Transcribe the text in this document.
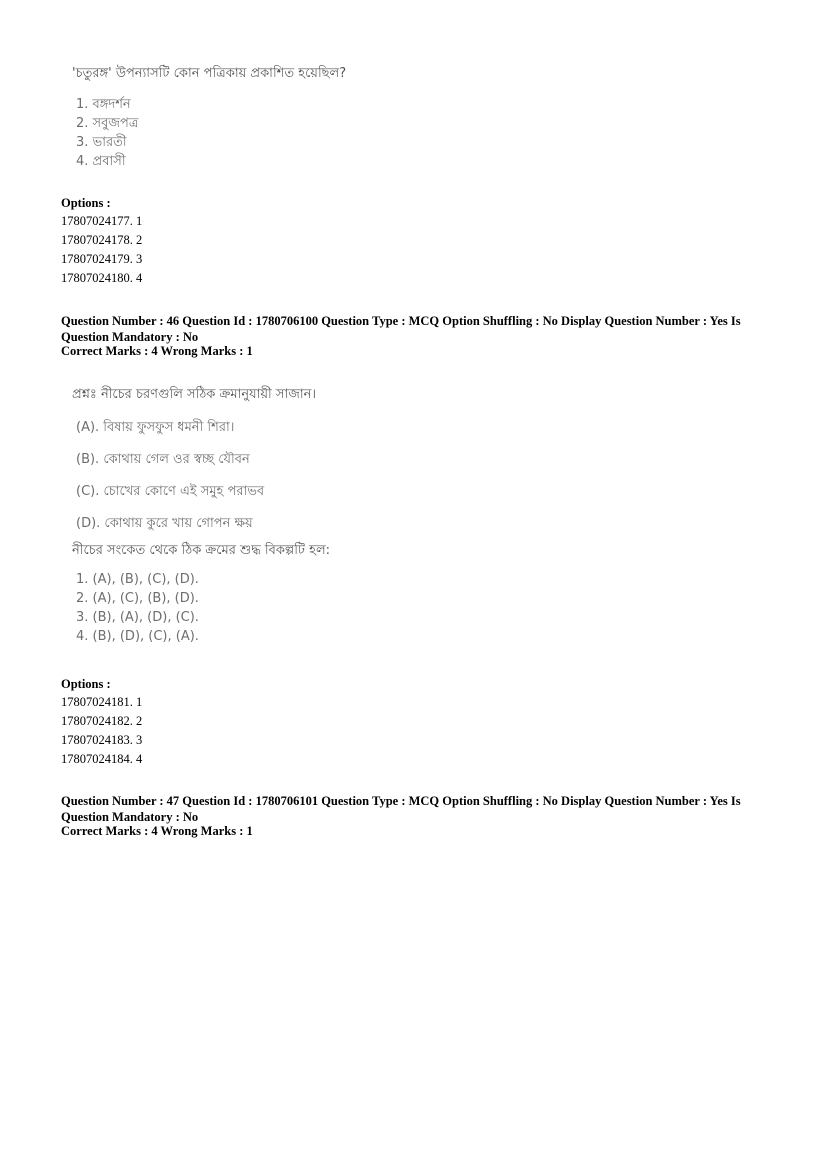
'চতুরঙ্গ' উপন্যাসটি কোন পত্রিকায় প্রকাশিত হয়েছিল?
1. বঙ্গদর্শন
2. সবুজপত্র
3. ভারতী
4. প্রবাসী
Options :
17807024177. 1
17807024178. 2
17807024179. 3
17807024180. 4
Question Number : 46 Question Id : 1780706100 Question Type : MCQ Option Shuffling : No Display Question Number : Yes Is Question Mandatory : No
Correct Marks : 4 Wrong Marks : 1
প্রশ্নঃ নীচের চরণগুলি সঠিক ক্রমানুযায়ী সাজান।
(A). বিষায় ফুসফুস ধমনী শিরা।
(B). কোথায় গেল ওর স্বচ্ছ যৌবন
(C). চোখের কোণে এই সমুহ পরাভব
(D). কোথায় কুরে খায় গোপন ক্ষয়
নীচের সংকেত থেকে ঠিক ক্রমের শুদ্ধ বিকল্পটি হল:
1. (A), (B), (C), (D).
2. (A), (C), (B), (D).
3. (B), (A), (D), (C).
4. (B), (D), (C), (A).
Options :
17807024181. 1
17807024182. 2
17807024183. 3
17807024184. 4
Question Number : 47 Question Id : 1780706101 Question Type : MCQ Option Shuffling : No Display Question Number : Yes Is Question Mandatory : No
Correct Marks : 4 Wrong Marks : 1
